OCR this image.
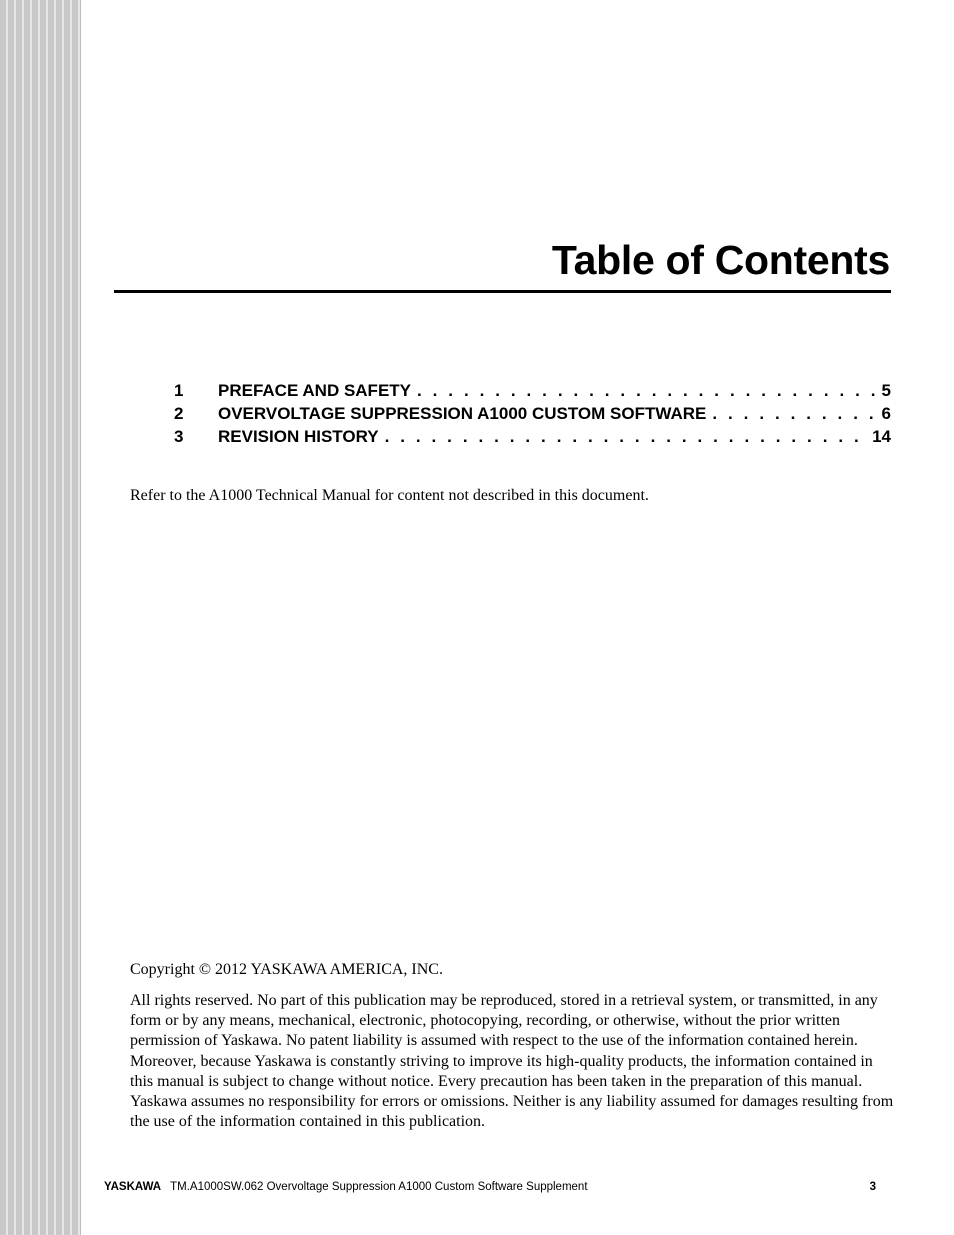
Table of Contents
1	PREFACE AND SAFETY . . .	5
2	OVERVOLTAGE SUPPRESSION A1000 CUSTOM SOFTWARE . . .	6
3	REVISION HISTORY . . .	14

Refer to the A1000 Technical Manual for content not described in this document.

Copyright © 2012 YASKAWA AMERICA, INC.

All rights reserved. No part of this publication may be reproduced, stored in a retrieval system, or transmitted, in any form or by any means, mechanical, electronic, photocopying, recording, or otherwise, without the prior written permission of Yaskawa. No patent liability is assumed with respect to the use of the information contained herein. Moreover, because Yaskawa is constantly striving to improve its high-quality products, the information contained in this manual is subject to change without notice. Every precaution has been taken in the preparation of this manual. Yaskawa assumes no responsibility for errors or omissions. Neither is any liability assumed for damages resulting from the use of the information contained in this publication.

YASKAWA TM.A1000SW.062 Overvoltage Suppression A1000 Custom Software Supplement	3
